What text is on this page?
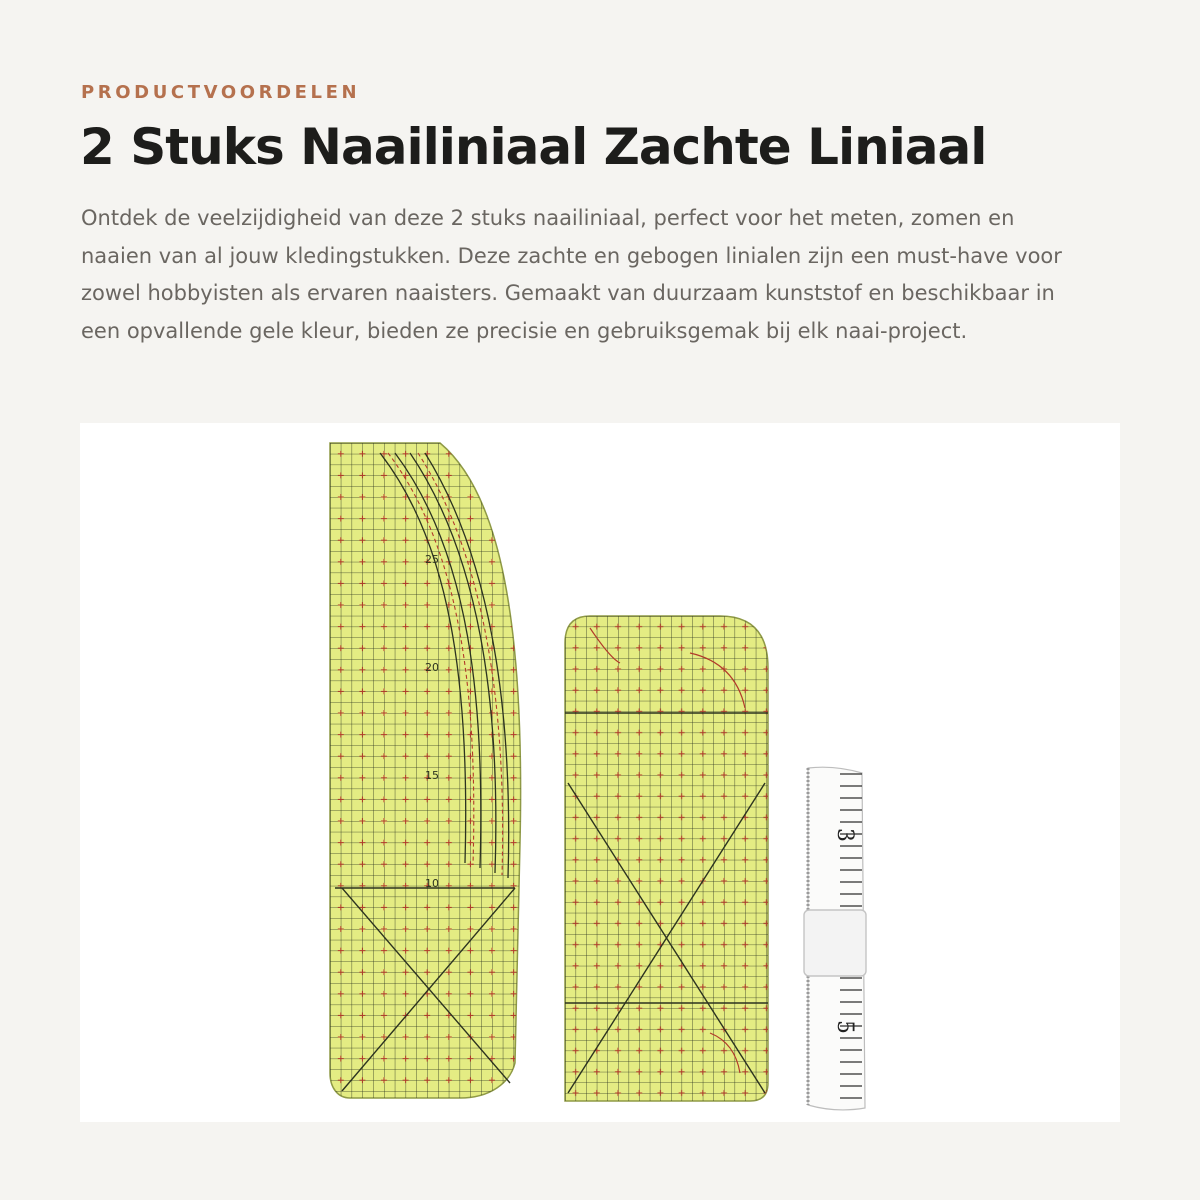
PRODUCTVOORDELEN
2 Stuks Naailiniaal Zachte Liniaal

Ontdek de veelzijdigheid van deze 2 stuks naailiniaal, perfect voor het meten, zomen en naaien van al jouw kledingstukken. Deze zachte en gebogen linialen zijn een must-have voor zowel hobbyisten als ervaren naaisters. Gemaakt van duurzaam kunststof en beschikbaar in een opvallende gele kleur, bieden ze precisie en gebruiksgemak bij elk naai-project.

25
20
15
10
3
5
